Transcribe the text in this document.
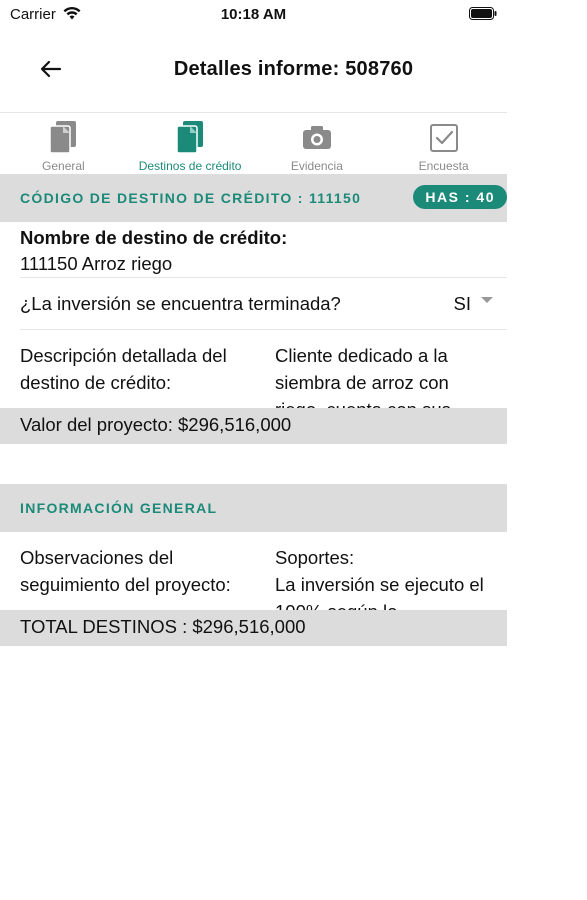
Carrier	10:18 AM
Detalles informe: 508760
General	Destinos de crédito	Evidencia	Encuesta
CÓDIGO DE DESTINO DE CRÉDITO : 111150	HAS : 40
Nombre de destino de crédito:
111150 Arroz riego
¿La inversión se encuentra terminada?	SI
Descripción detallada del destino de crédito:
Cliente dedicado a la siembra de arroz con
Valor del proyecto: $296,516,000
INFORMACIÓN GENERAL
Observaciones del seguimiento del proyecto:
Soportes:
La inversión se ejecuto el
TOTAL DESTINOS : $296,516,000
